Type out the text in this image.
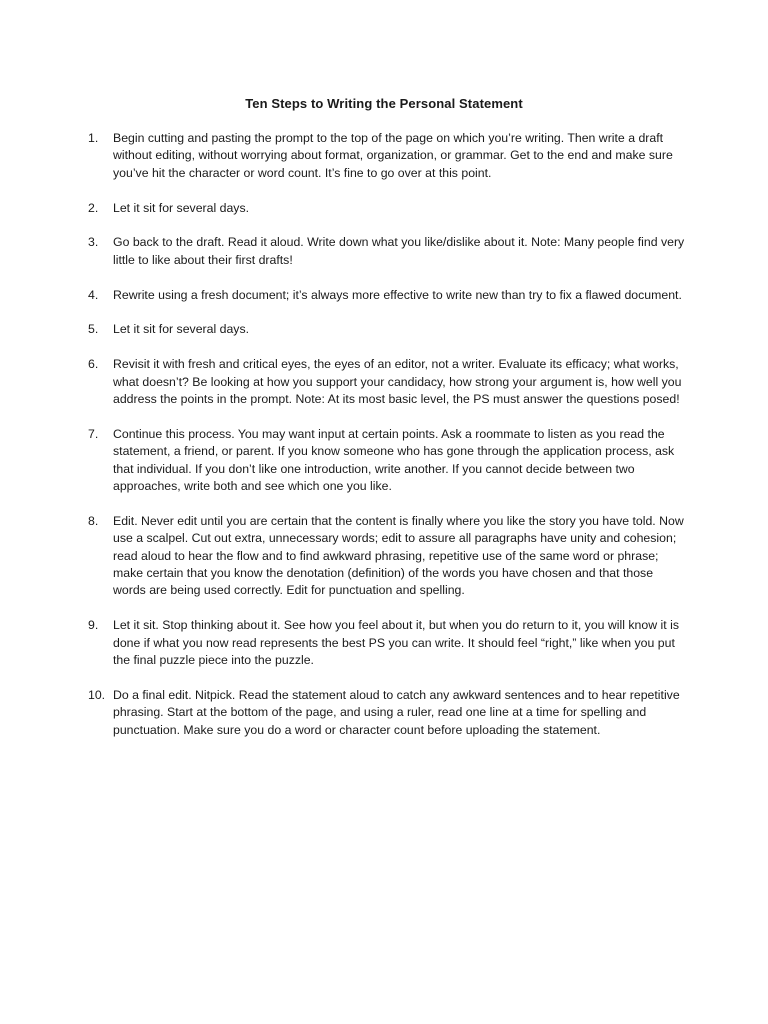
Ten Steps to Writing the Personal Statement
1.	Begin cutting and pasting the prompt to the top of the page on which you’re writing. Then write a draft without editing, without worrying about format, organization, or grammar. Get to the end and make sure you’ve hit the character or word count. It’s fine to go over at this point.
2.	Let it sit for several days.
3.	Go back to the draft. Read it aloud. Write down what you like/dislike about it. Note: Many people find very little to like about their first drafts!
4.	Rewrite using a fresh document; it’s always more effective to write new than try to fix a flawed document.
5.	Let it sit for several days.
6.	Revisit it with fresh and critical eyes, the eyes of an editor, not a writer. Evaluate its efficacy; what works, what doesn’t? Be looking at how you support your candidacy, how strong your argument is, how well you address the points in the prompt. Note: At its most basic level, the PS must answer the questions posed!
7.	Continue this process. You may want input at certain points. Ask a roommate to listen as you read the statement, a friend, or parent. If you know someone who has gone through the application process, ask that individual. If you don’t like one introduction, write another. If you cannot decide between two approaches, write both and see which one you like.
8.	Edit. Never edit until you are certain that the content is finally where you like the story you have told. Now use a scalpel. Cut out extra, unnecessary words; edit to assure all paragraphs have unity and cohesion; read aloud to hear the flow and to find awkward phrasing, repetitive use of the same word or phrase; make certain that you know the denotation (definition) of the words you have chosen and that those words are being used correctly. Edit for punctuation and spelling.
9.	Let it sit. Stop thinking about it. See how you feel about it, but when you do return to it, you will know it is done if what you now read represents the best PS you can write. It should feel “right,” like when you put the final puzzle piece into the puzzle.
10. Do a final edit. Nitpick. Read the statement aloud to catch any awkward sentences and to hear repetitive phrasing. Start at the bottom of the page, and using a ruler, read one line at a time for spelling and punctuation. Make sure you do a word or character count before uploading the statement.
